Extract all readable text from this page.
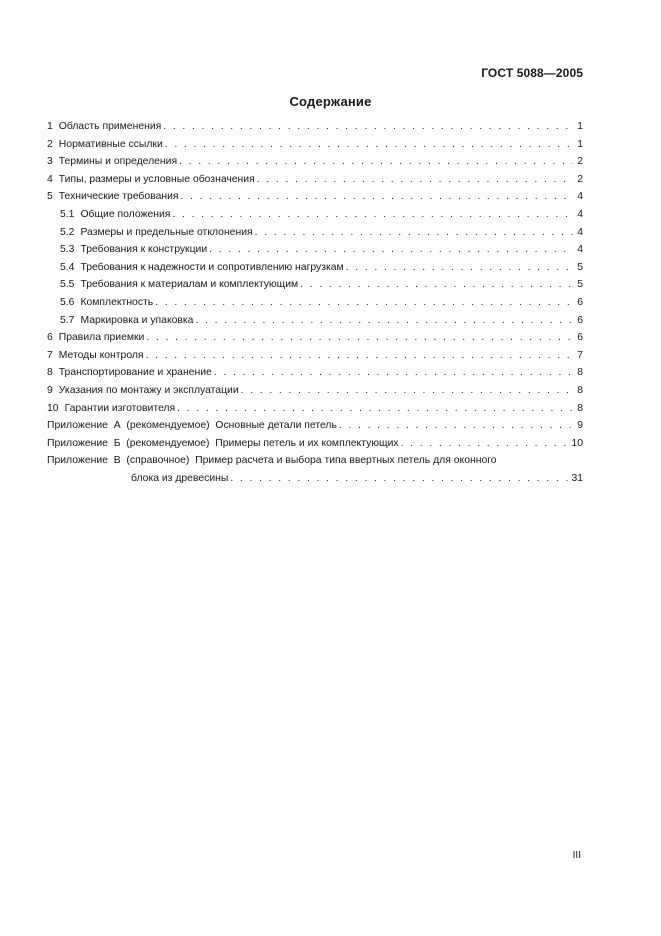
ГОСТ 5088—2005
Содержание
1 Область применения . . .	1
2 Нормативные ссылки . . .	1
3 Термины и определения . . .	2
4 Типы, размеры и условные обозначения . . .	2
5 Технические требования . . .	4
5.1 Общие положения . . .	4
5.2 Размеры и предельные отклонения . . .	4
5.3 Требования к конструкции . . .	4
5.4 Требования к надежности и сопротивлению нагрузкам . . .	5
5.5 Требования к материалам и комплектующим . . .	5
5.6 Комплектность . . .	6
5.7 Маркировка и упаковка . . .	6
6 Правила приемки . . .	6
7 Методы контроля . . .	7
8 Транспортирование и хранение . . .	8
9 Указания по монтажу и эксплуатации . . .	8
10 Гарантии изготовителя . . .	8
Приложение  А  (рекомендуемое) Основные детали петель . . .	9
Приложение  Б  (рекомендуемое) Примеры петель и их комплектующих . . .	10
Приложение  В  (справочное) Пример расчета и выбора типа ввертных петель для оконного
блока из древесины . . .	31
III
